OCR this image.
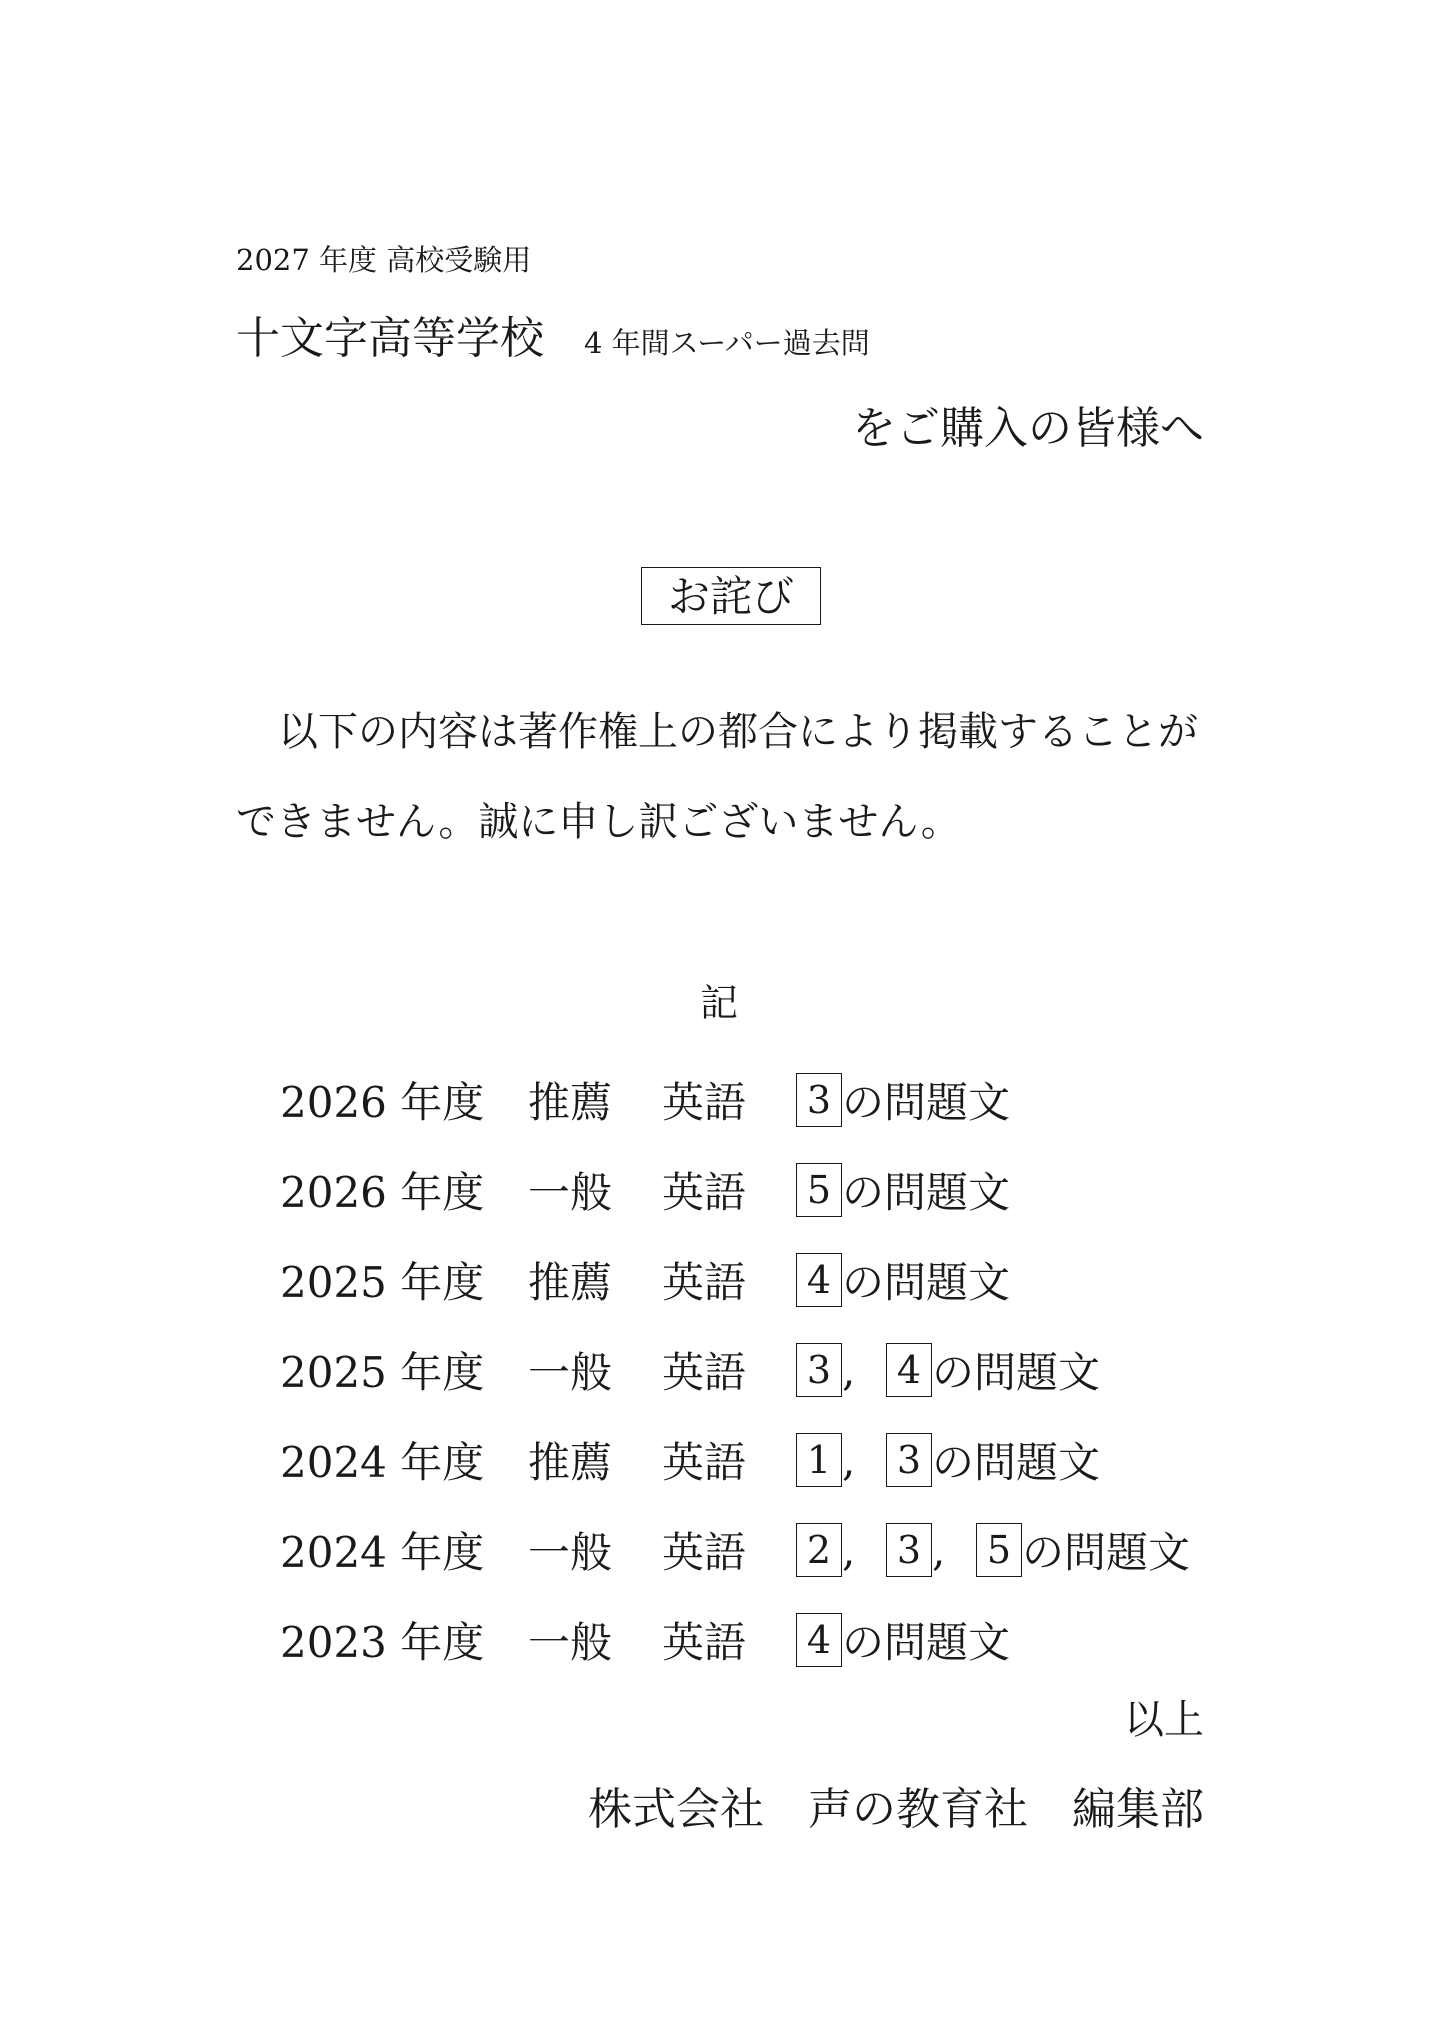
2027 年度 高校受験用
十文字高等学校 4 年間スーパー過去問
をご購入の皆様へ
お詫び
以下の内容は著作権上の都合により掲載することが
できません。誠に申し訳ございません。
記
2026 年度	推薦	英語	3 の問題文
2026 年度	一般	英語	5 の問題文
2025 年度	推薦	英語	4 の問題文
2025 年度	一般	英語	3 ,	4 の問題文
2024 年度	推薦	英語	1 ,	3 の問題文
2024 年度	一般	英語	2 ,	3 ,	5 の問題文
2023 年度	一般	英語	4 の問題文
以上
株式会社　声の教育社　編集部
